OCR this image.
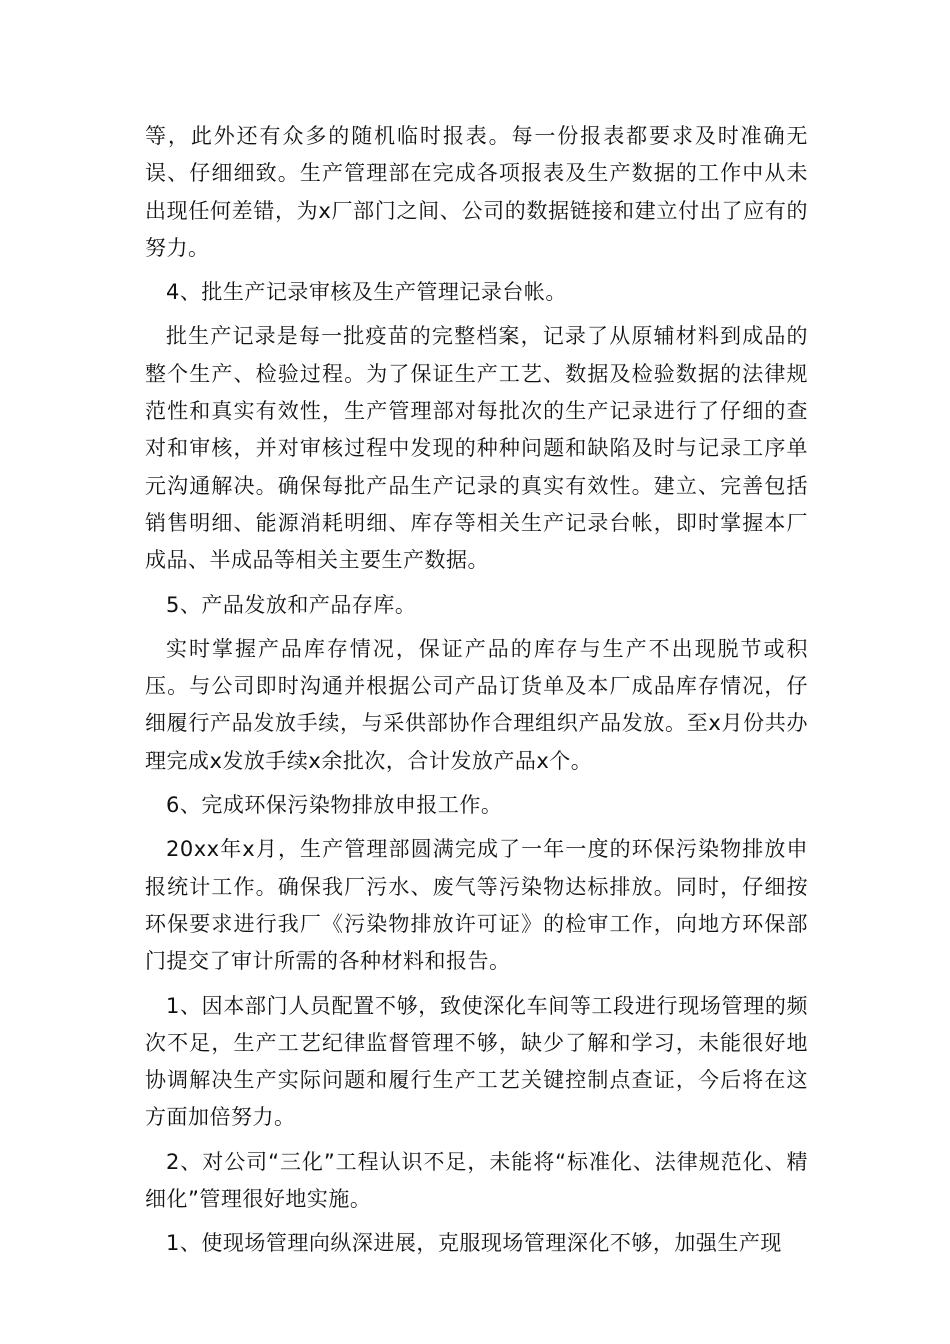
等，此外还有众多的随机临时报表。每一份报表都要求及时准确无误、仔细细致。生产管理部在完成各项报表及生产数据的工作中从未出现任何差错，为x厂部门之间、公司的数据链接和建立付出了应有的努力。

4、批生产记录审核及生产管理记录台帐。

批生产记录是每一批疫苗的完整档案，记录了从原辅材料到成品的整个生产、检验过程。为了保证生产工艺、数据及检验数据的法律规范性和真实有效性，生产管理部对每批次的生产记录进行了仔细的查对和审核，并对审核过程中发现的种种问题和缺陷及时与记录工序单元沟通解决。确保每批产品生产记录的真实有效性。建立、完善包括销售明细、能源消耗明细、库存等相关生产记录台帐，即时掌握本厂成品、半成品等相关主要生产数据。

5、产品发放和产品存库。

实时掌握产品库存情况，保证产品的库存与生产不出现脱节或积压。与公司即时沟通并根据公司产品订货单及本厂成品库存情况，仔细履行产品发放手续，与采供部协作合理组织产品发放。至x月份共办理完成x发放手续x余批次，合计发放产品x个。

6、完成环保污染物排放申报工作。

20xx年x月，生产管理部圆满完成了一年一度的环保污染物排放申报统计工作。确保我厂污水、废气等污染物达标排放。同时，仔细按环保要求进行我厂《污染物排放许可证》的检审工作，向地方环保部门提交了审计所需的各种材料和报告。

1、因本部门人员配置不够，致使深化车间等工段进行现场管理的频次不足，生产工艺纪律监督管理不够，缺少了解和学习，未能很好地协调解决生产实际问题和履行生产工艺关键控制点查证，今后将在这方面加倍努力。

2、对公司“三化”工程认识不足，未能将“标准化、法律规范化、精细化”管理很好地实施。

1、使现场管理向纵深进展，克服现场管理深化不够，加强生产现
